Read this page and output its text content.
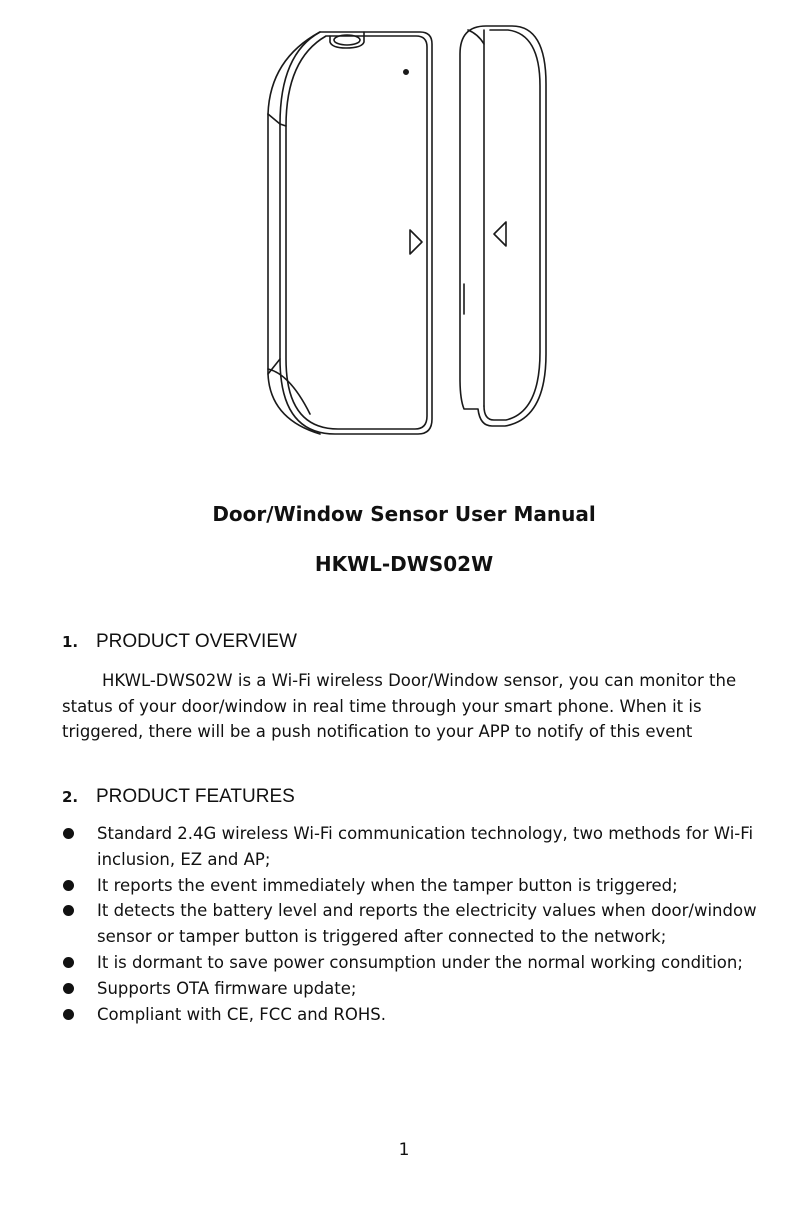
Door/Window Sensor User Manual
HKWL-DWS02W
1. PRODUCT OVERVIEW
HKWL-DWS02W is a Wi-Fi wireless Door/Window sensor, you can monitor the status of your door/window in real time through your smart phone. When it is triggered, there will be a push notification to your APP to notify of this event
2. PRODUCT FEATURES
Standard 2.4G wireless Wi-Fi communication technology, two methods for Wi-Fi inclusion, EZ and AP;
It reports the event immediately when the tamper button is triggered;
It detects the battery level and reports the electricity values when door/window sensor or tamper button is triggered after connected to the network;
It is dormant to save power consumption under the normal working condition;
Supports OTA firmware update;
Compliant with CE, FCC and ROHS.
1
